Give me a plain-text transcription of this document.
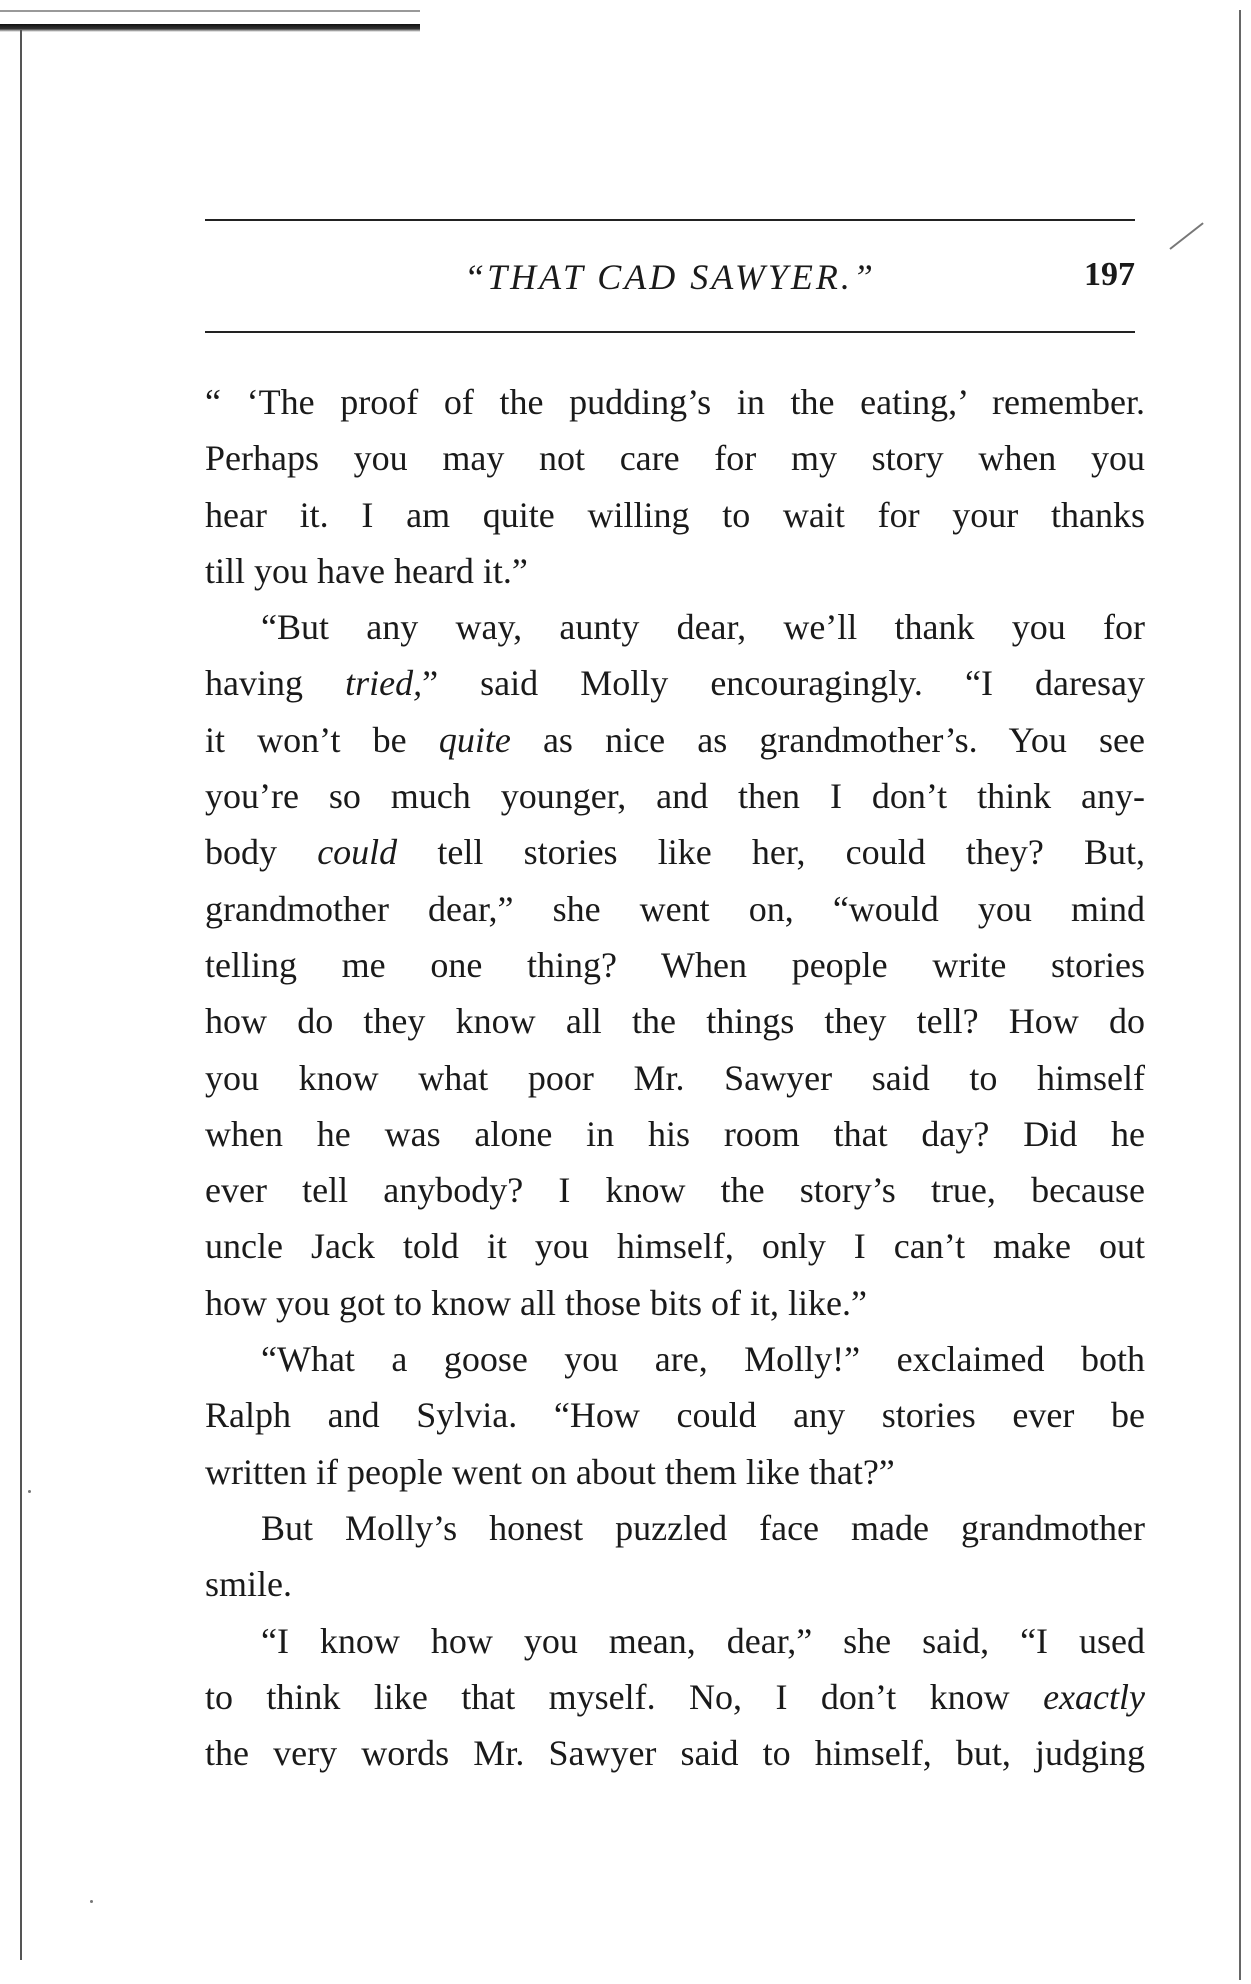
“THAT CAD SAWYER.”	197
“ ‘The proof of the pudding’s in the eating,’ remember.
Perhaps you may not care for my story when you
hear it. I am quite willing to wait for your thanks
till you have heard it.”
“But any way, aunty dear, we’ll thank you for
having tried,” said Molly encouragingly. “I daresay
it won’t be quite as nice as grandmother’s. You see
you’re so much younger, and then I don’t think any-
body could tell stories like her, could they? But,
grandmother dear,” she went on, “would you mind
telling me one thing? When people write stories
how do they know all the things they tell? How do
you know what poor Mr. Sawyer said to himself
when he was alone in his room that day? Did he
ever tell anybody? I know the story’s true, because
uncle Jack told it you himself, only I can’t make out
how you got to know all those bits of it, like.”
“What a goose you are, Molly!” exclaimed both
Ralph and Sylvia. “How could any stories ever be
written if people went on about them like that?”
But Molly’s honest puzzled face made grandmother
smile.
“I know how you mean, dear,” she said, “I used
to think like that myself. No, I don’t know exactly
the very words Mr. Sawyer said to himself, but, judging
